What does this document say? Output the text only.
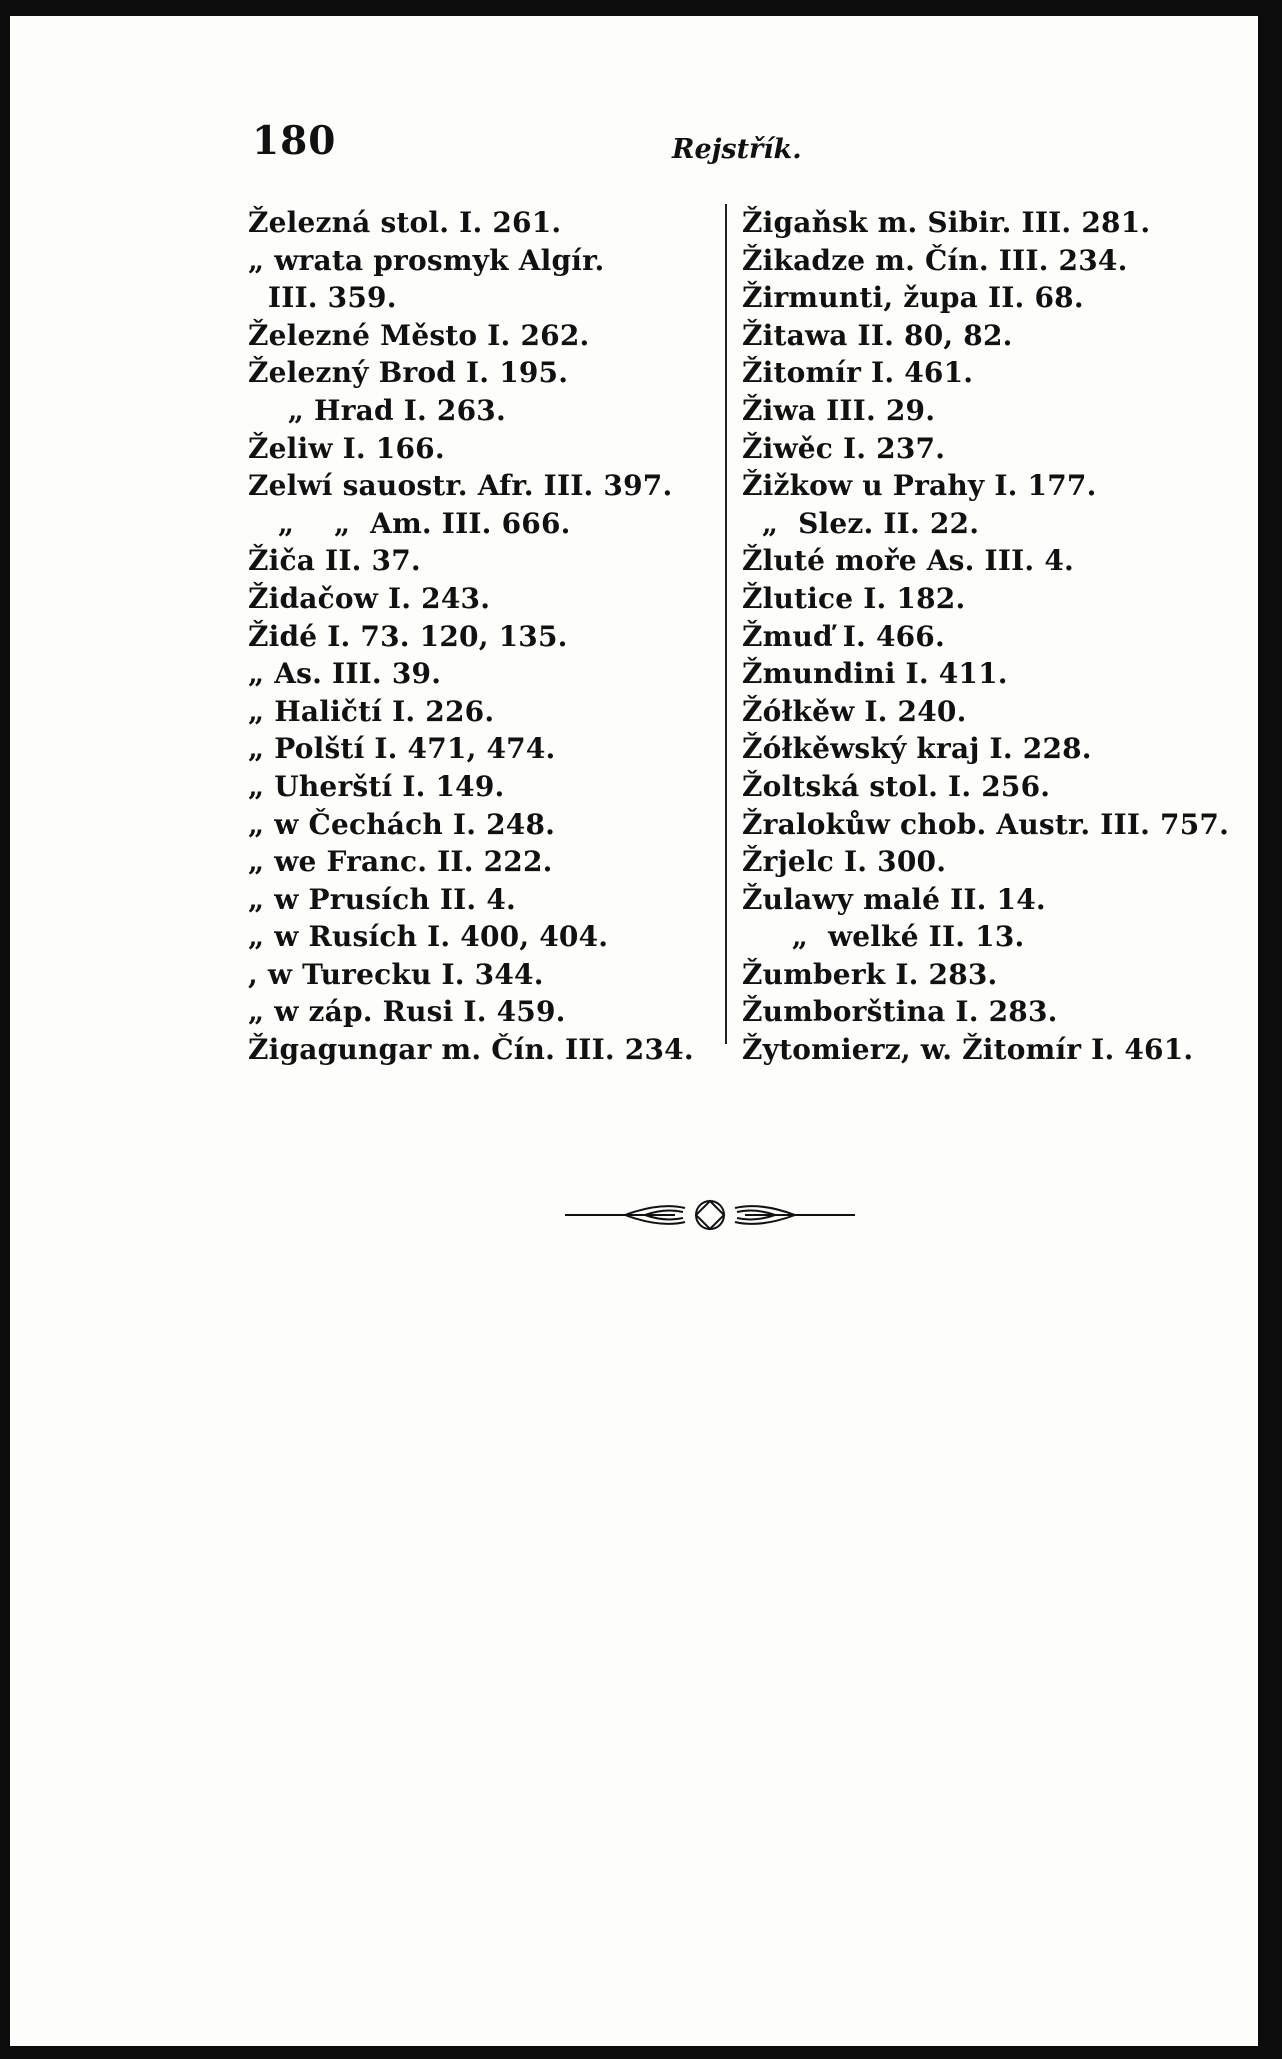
180	Rejstřík.
Železná stol. I. 261.
„ wrata prosmyk Algír.
III. 359.
Železné Město I. 262.
Železný Brod I. 195.
„ Hrad I. 263.
Želiw I. 166.
Zelwí sauostr. Afr. III. 397.
„    „  Am. III. 666.
Žiča II. 37.
Židačow I. 243.
Židé I. 73. 120, 135.
„ As. III. 39.
„ Haličtí I. 226.
„ Polští I. 471, 474.
„ Uherští I. 149.
„ w Čechách I. 248.
„ we Franc. II. 222.
„ w Prusích II. 4.
„ w Rusích I. 400, 404.
, w Turecku I. 344.
„ w záp. Rusi I. 459.
Žigagungar m. Čín. III. 234.
Žigaňsk m. Sibir. III. 281.
Žikadze m. Čín. III. 234.
Žirmunti, župa II. 68.
Žitawa II. 80, 82.
Žitomír I. 461.
Žiwa III. 29.
Žiwěc I. 237.
Žižkow u Prahy I. 177.
„  Slez. II. 22.
Žluté moře As. III. 4.
Žlutice I. 182.
Žmuď I. 466.
Žmundini I. 411.
Žółkěw I. 240.
Žółkěwský kraj I. 228.
Žoltská stol. I. 256.
Žralokůw chob. Austr. III. 757.
Žrjelc I. 300.
Žulawy malé II. 14.
„  welké II. 13.
Žumberk I. 283.
Žumborština I. 283.
Žytomierz, w. Žitomír I. 461.
